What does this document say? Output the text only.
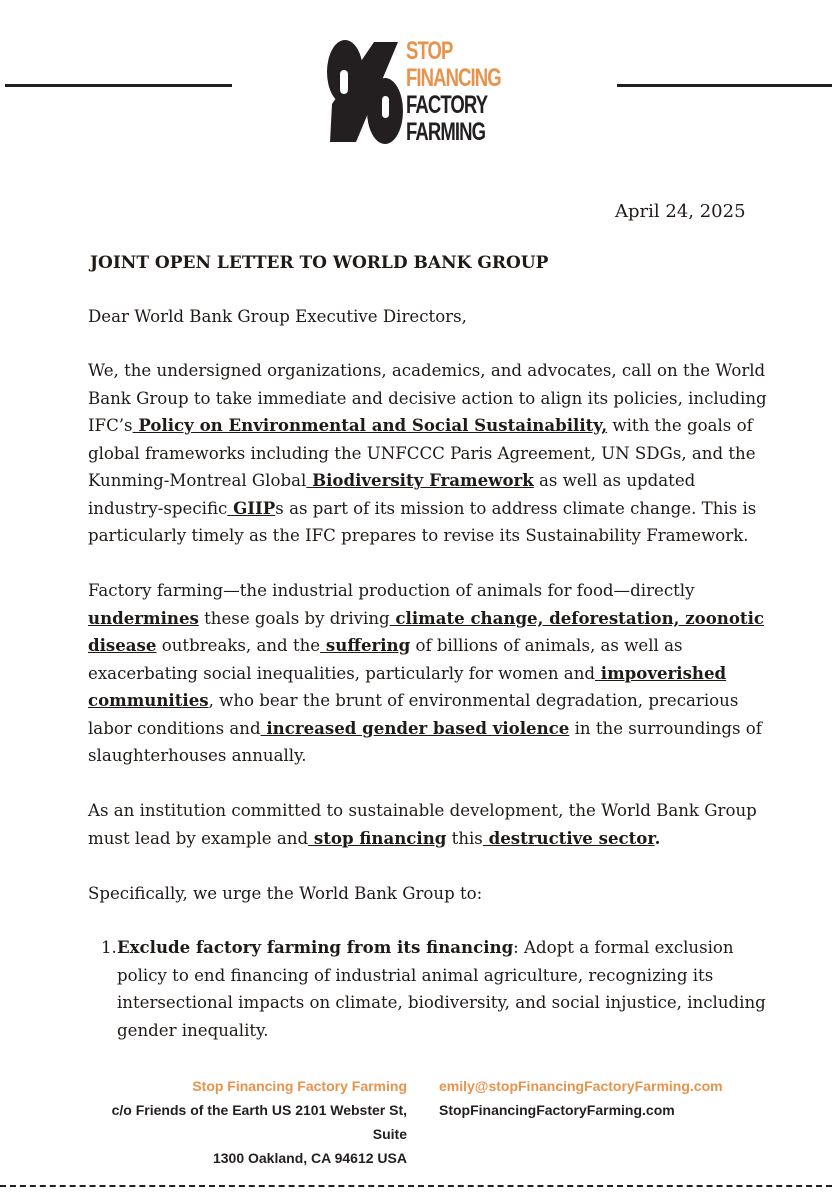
STOP
FINANCING
FACTORY
FARMING
April 24, 2025
JOINT OPEN LETTER TO WORLD BANK GROUP
Dear World Bank Group Executive Directors,
We, the undersigned organizations, academics, and advocates, call on the World Bank Group to take immediate and decisive action to align its policies, including IFC’s Policy on Environmental and Social Sustainability, with the goals of global frameworks including the UNFCCC Paris Agreement, UN SDGs, and the Kunming-Montreal Global Biodiversity Framework as well as updated industry-specific GIIPs as part of its mission to address climate change. This is particularly timely as the IFC prepares to revise its Sustainability Framework.
Factory farming—the industrial production of animals for food—directly undermines these goals by driving climate change, deforestation, zoonotic disease outbreaks, and the suffering of billions of animals, as well as exacerbating social inequalities, particularly for women and impoverished communities, who bear the brunt of environmental degradation, precarious labor conditions and increased gender based violence in the surroundings of slaughterhouses annually.
As an institution committed to sustainable development, the World Bank Group must lead by example and stop financing this destructive sector.
Specifically, we urge the World Bank Group to:
1. Exclude factory farming from its financing: Adopt a formal exclusion policy to end financing of industrial animal agriculture, recognizing its intersectional impacts on climate, biodiversity, and social injustice, including gender inequality.
Stop Financing Factory Farming
c/o Friends of the Earth US 2101 Webster St, Suite
1300 Oakland, CA 94612 USA
emily@stopFinancingFactoryFarming.com
StopFinancingFactoryFarming.com
